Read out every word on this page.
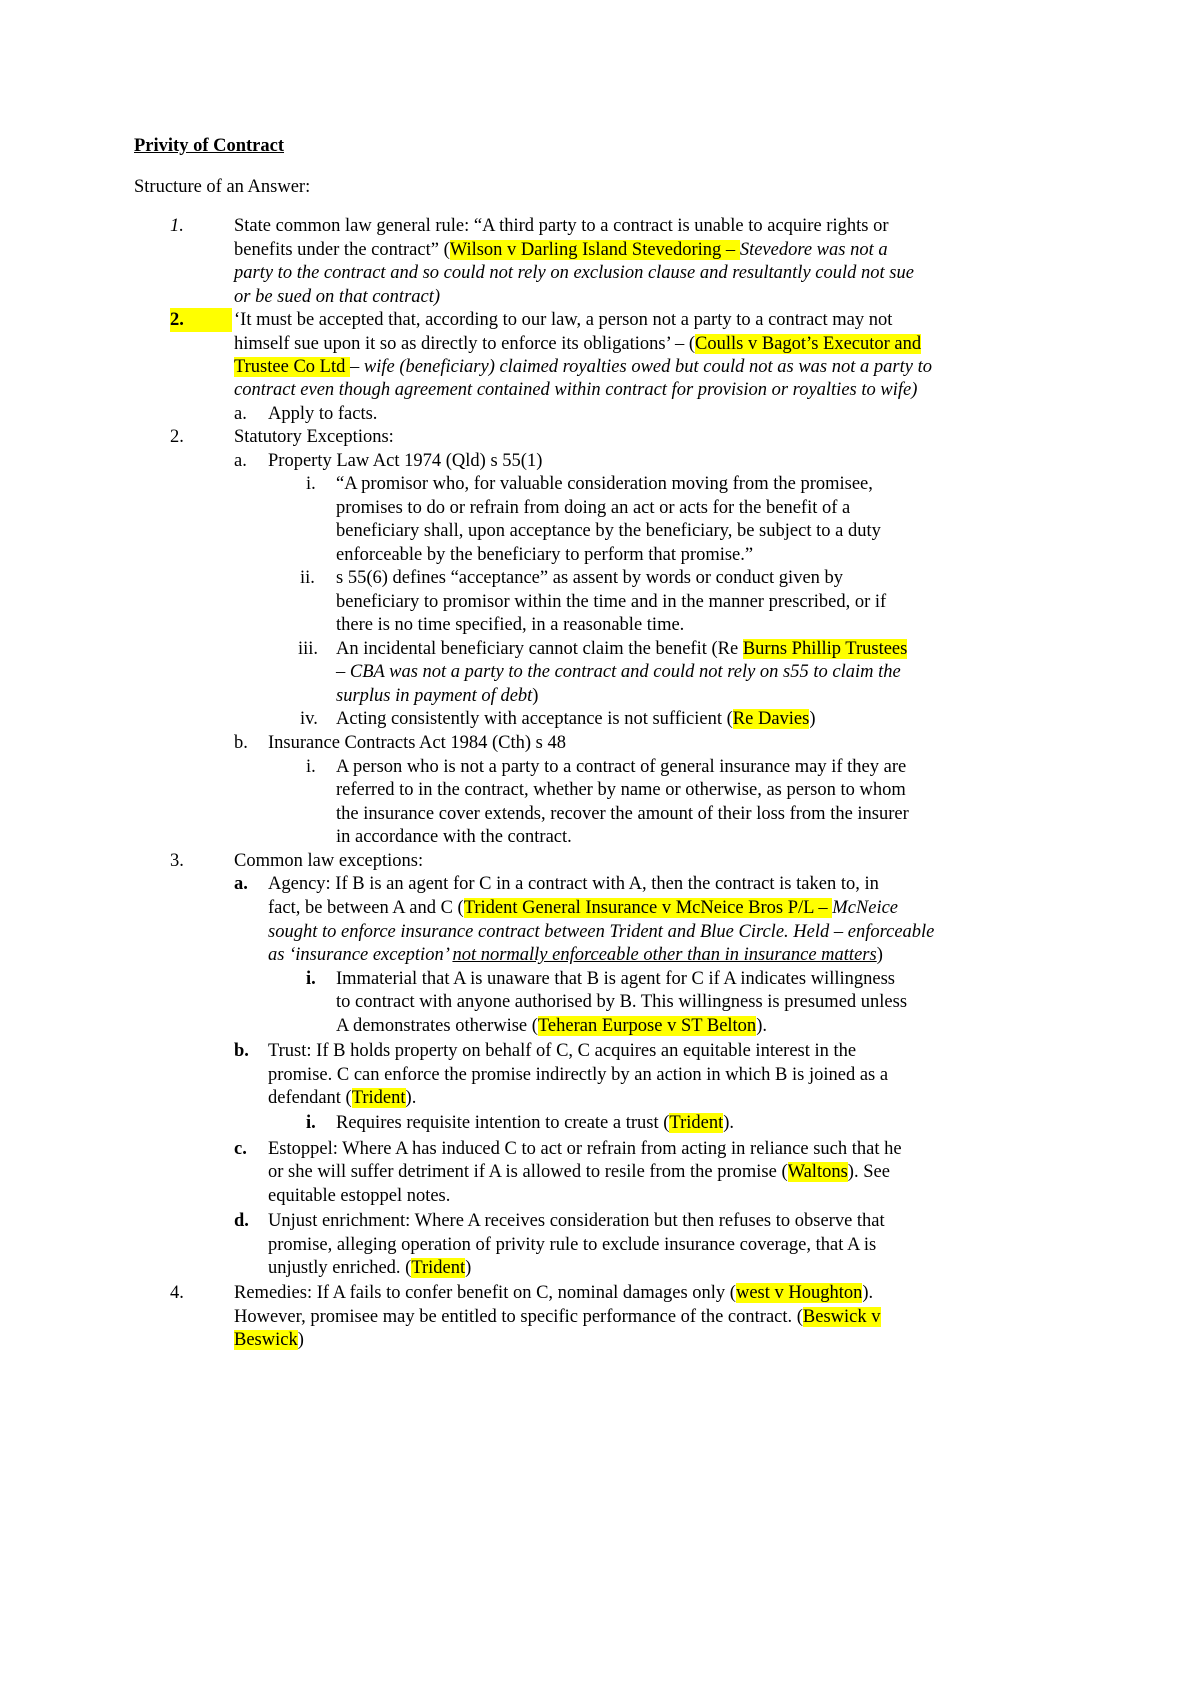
Privity of Contract
Structure of an Answer:
1.	State common law general rule: “A third party to a contract is unable to acquire rights or
benefits under the contract” (Wilson v Darling Island Stevedoring – Stevedore was not a
party to the contract and so could not rely on exclusion clause and resultantly could not sue
or be sued on that contract)
2.	‘It must be accepted that, according to our law, a person not a party to a contract may not
himself sue upon it so as directly to enforce its obligations’ – (Coulls v Bagot’s Executor and
Trustee Co Ltd – wife (beneficiary) claimed royalties owed but could not as was not a party to
contract even though agreement contained within contract for provision or royalties to wife)
a. Apply to facts.
2.	Statutory Exceptions:
a. Property Law Act 1974 (Qld) s 55(1)
i. “A promisor who, for valuable consideration moving from the promisee,
promises to do or refrain from doing an act or acts for the benefit of a
beneficiary shall, upon acceptance by the beneficiary, be subject to a duty
enforceable by the beneficiary to perform that promise.”
ii. s 55(6) defines “acceptance” as assent by words or conduct given by
beneficiary to promisor within the time and in the manner prescribed, or if
there is no time specified, in a reasonable time.
iii. An incidental beneficiary cannot claim the benefit (Re Burns Phillip Trustees
– CBA was not a party to the contract and could not rely on s55 to claim the
surplus in payment of debt)
iv. Acting consistently with acceptance is not sufficient (Re Davies)
b. Insurance Contracts Act 1984 (Cth) s 48
i. A person who is not a party to a contract of general insurance may if they are
referred to in the contract, whether by name or otherwise, as person to whom
the insurance cover extends, recover the amount of their loss from the insurer
in accordance with the contract.
3.	Common law exceptions:
a. Agency: If B is an agent for C in a contract with A, then the contract is taken to, in
fact, be between A and C (Trident General Insurance v McNeice Bros P/L – McNeice
sought to enforce insurance contract between Trident and Blue Circle. Held – enforceable
as ‘insurance exception’ not normally enforceable other than in insurance matters)
i. Immaterial that A is unaware that B is agent for C if A indicates willingness
to contract with anyone authorised by B. This willingness is presumed unless
A demonstrates otherwise (Teheran Eurpose v ST Belton).
b. Trust: If B holds property on behalf of C, C acquires an equitable interest in the
promise. C can enforce the promise indirectly by an action in which B is joined as a
defendant (Trident).
i. Requires requisite intention to create a trust (Trident).
c. Estoppel: Where A has induced C to act or refrain from acting in reliance such that he
or she will suffer detriment if A is allowed to resile from the promise (Waltons). See
equitable estoppel notes.
d. Unjust enrichment: Where A receives consideration but then refuses to observe that
promise, alleging operation of privity rule to exclude insurance coverage, that A is
unjustly enriched. (Trident)
4.	Remedies: If A fails to confer benefit on C, nominal damages only (west v Houghton).
However, promisee may be entitled to specific performance of the contract. (Beswick v
Beswick)
